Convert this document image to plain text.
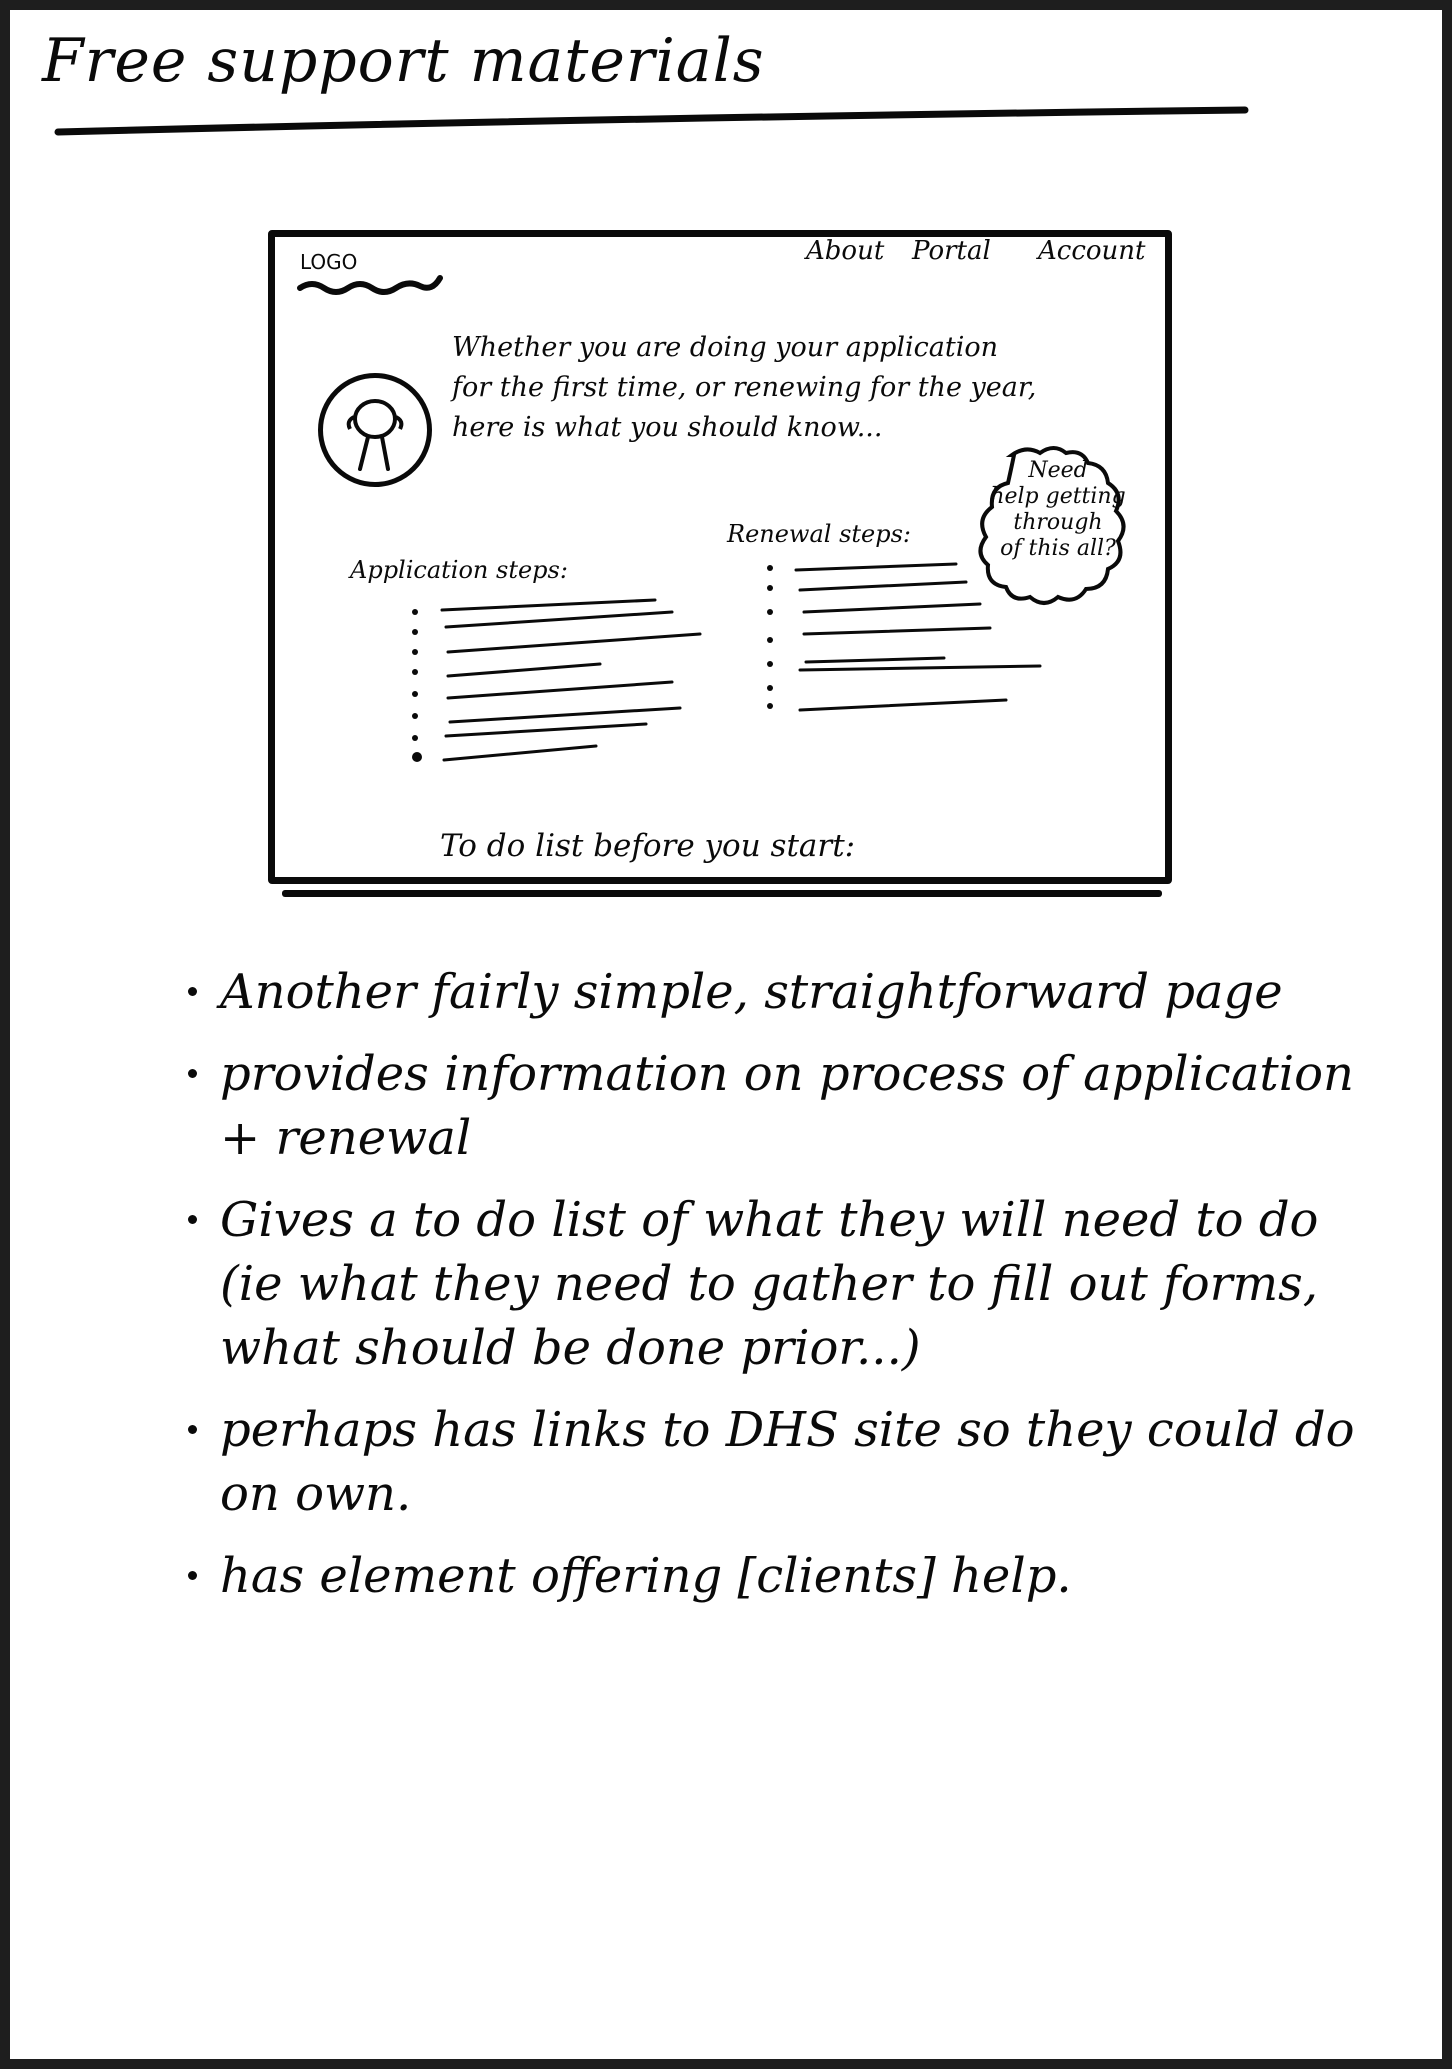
Free support materials
LOGO	About Portal Account
Whether you are doing your application
for the first time, or renewing for the year,
here is what you should know...
Need
help getting
through
of this all?
Application steps:
Renewal steps:
To do list before you start:
Another fairly simple, straightforward page
provides information on process of application + renewal
Gives a to do list of what they will need to do (ie what they need to gather to fill out forms, what should be done prior...)
perhaps has links to DHS site so they could do on own.
has element offering [clients] help.
